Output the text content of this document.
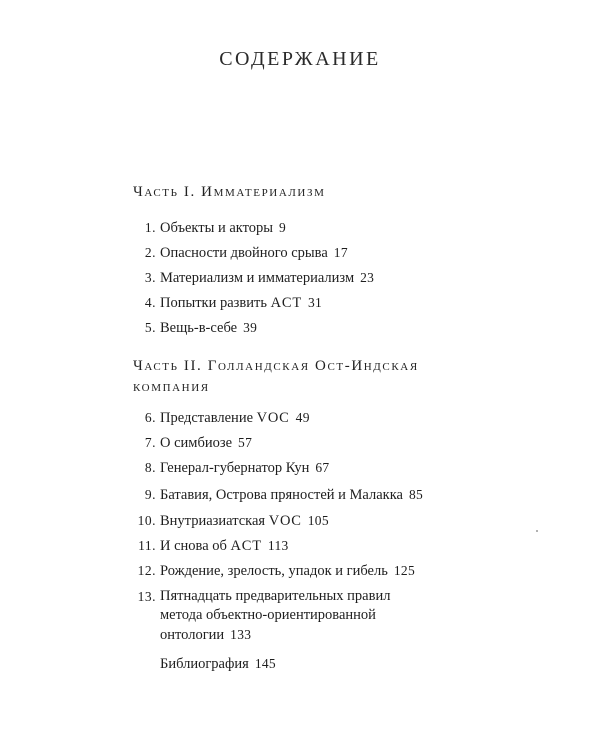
СОДЕРЖАНИЕ
Часть I. Имматериализм
1. Объекты и акторы 9
2. Опасности двойного срыва 17
3. Материализм и имматериализм 23
4. Попытки развить ACT 31
5. Вещь-в-себе 39
Часть II. Голландская Ост-Индская
компания
6. Представление VOC 49
7. О симбиозе 57
8. Генерал-губернатор Кун 67
9. Батавия, Острова пряностей и Малакка 85
10. Внутриазиатская VOC 105
11. И снова об ACT 113
12. Рождение, зрелость, упадок и гибель 125
13. Пятнадцать предварительных правил
метода объектно-ориентированной
онтологии 133
Библиография 145
